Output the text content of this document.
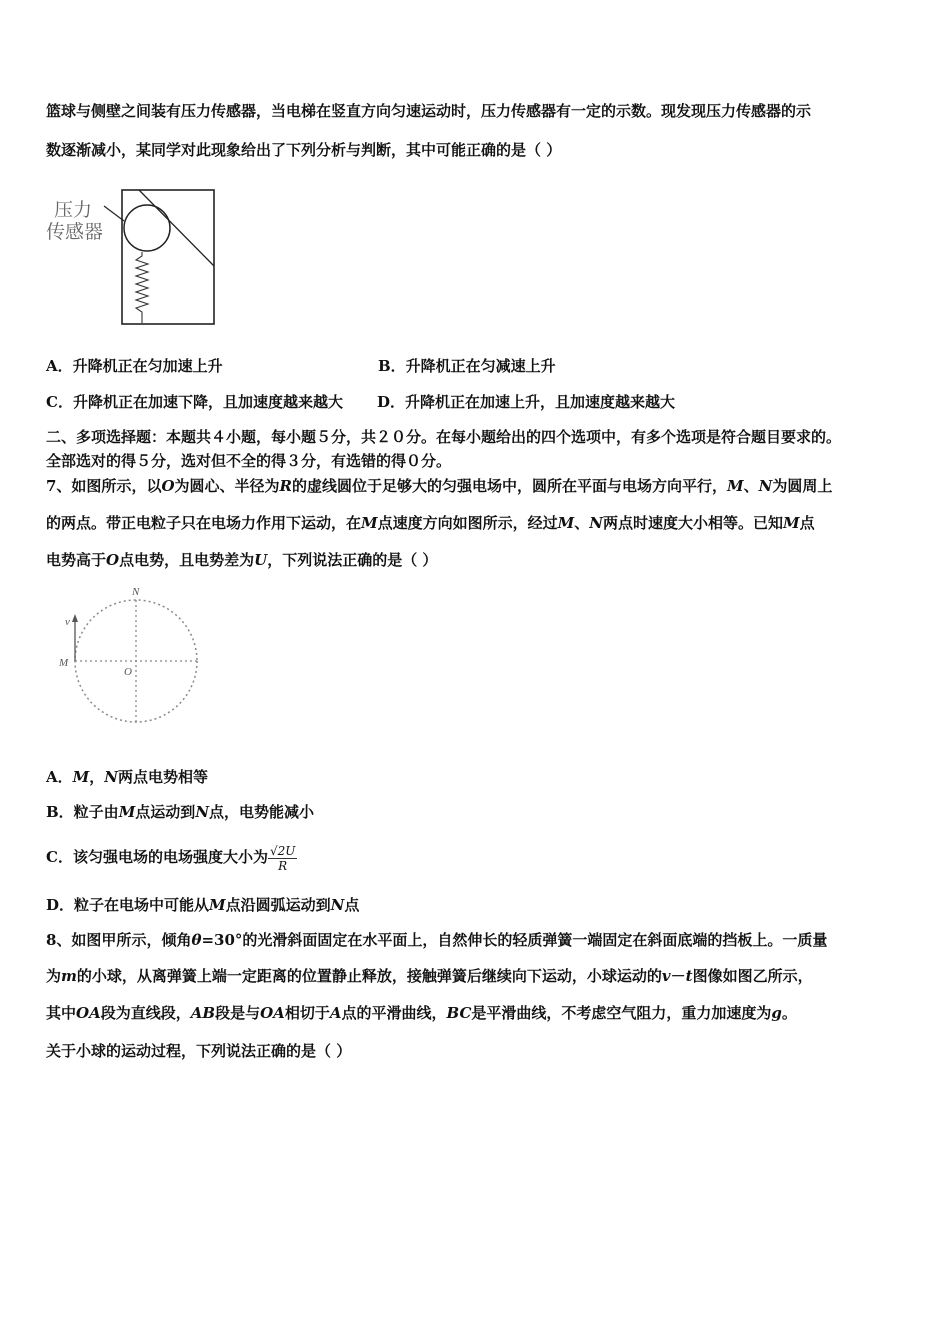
篮球与侧壁之间装有压力传感器，当电梯在竖直方向匀速运动时，压力传感器有一定的示数。现发现压力传感器的示
数逐渐减小，某同学对此现象给出了下列分析与判断，其中可能正确的是（ ）
压力
传感器
A．升降机正在匀加速上升	B．升降机正在匀减速上升
C．升降机正在加速下降，且加速度越来越大 D．升降机正在加速上升，且加速度越来越大
二、多项选择题：本题共４小题，每小题５分，共２０分。在每小题给出的四个选项中，有多个选项是符合题目要求的。
全部选对的得５分，选对但不全的得３分，有选错的得０分。
7、如图所示，以O为圆心、半径为R的虚线圆位于足够大的匀强电场中，圆所在平面与电场方向平行，M、N为圆周上
的两点。带正电粒子只在电场力作用下运动，在M点速度方向如图所示，经过M、N两点时速度大小相等。已知M点
电势高于O点电势，且电势差为U，下列说法正确的是（ ）
v
N
M
O
A．M，N两点电势相等
B．粒子由M点运动到N点，电势能减小
C．该匀强电场的电场强度大小为 $\frac{√2U}{R}$
D．粒子在电场中可能从M点沿圆弧运动到N点
8、如图甲所示，倾角θ=30°的光滑斜面固定在水平面上，自然伸长的轻质弹簧一端固定在斜面底端的挡板上。一质量
为m的小球，从离弹簧上端一定距离的位置静止释放，接触弹簧后继续向下运动，小球运动的v－t图像如图乙所示，
其中OA段为直线段，AB段是与OA相切于A点的平滑曲线，BC是平滑曲线，不考虑空气阻力，重力加速度为g。
关于小球的运动过程，下列说法正确的是（ ）
